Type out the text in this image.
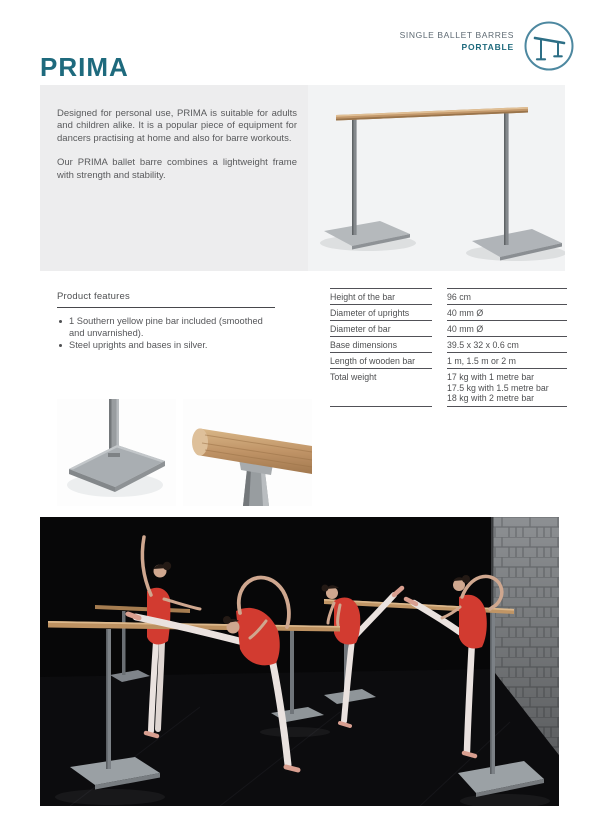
SINGLE BALLET BARRES
PORTABLE
PRIMA

Designed for personal use, PRIMA is suitable for adults and children alike. It is a popular piece of equipment for dancers practising at home and also for barre workouts.

Our PRIMA ballet barre combines a lightweight frame with strength and stability.

Product features
1 Southern yellow pine bar included (smoothed and unvarnished).
Steel uprights and bases in silver.
Height of the bar	96 cm
Diameter of uprights	40 mm Ø
Diameter of bar	40 mm Ø
Base dimensions	39.5 x 32 x 0.6 cm
Length of wooden bar	1 m, 1.5 m or 2 m
Total weight	17 kg with 1 metre bar
17.5 kg with 1.5 metre bar
18 kg with 2 metre bar
